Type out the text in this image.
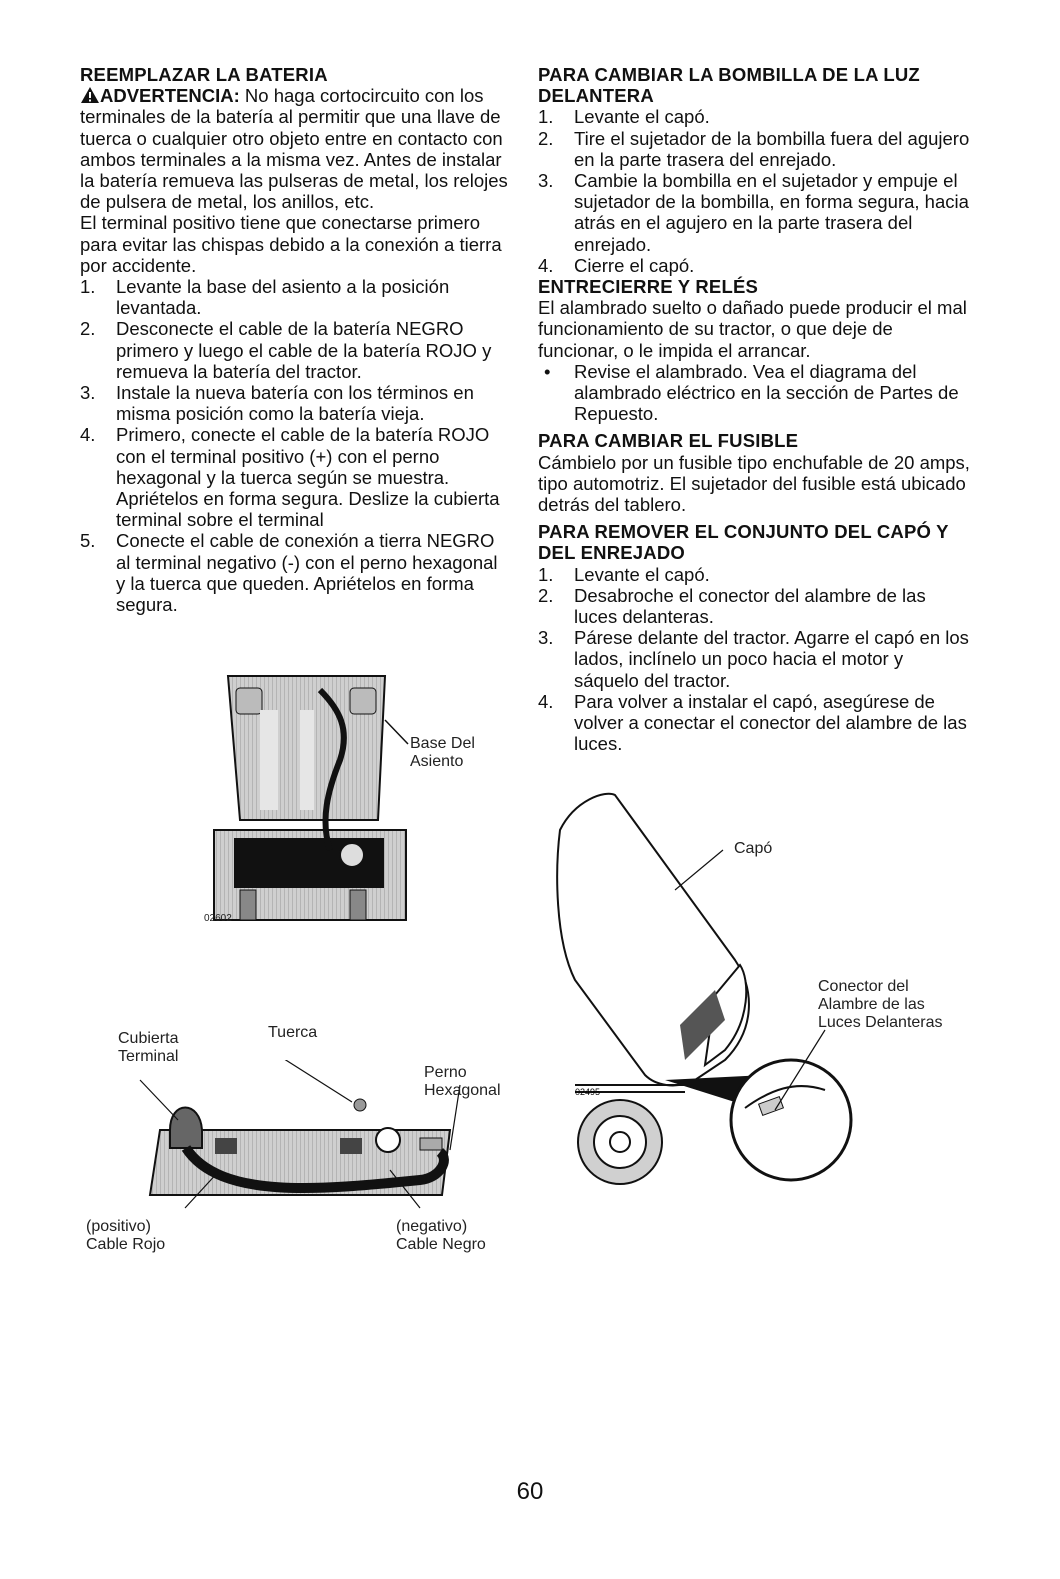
REEMPLAZAR LA BATERIA

ADVERTENCIA: No haga cortocircuito con los terminales de la batería al permitir que una llave de tuerca o cualquier otro objeto entre en contacto con ambos terminales a la misma vez. Antes de instalar la batería remueva las pulseras de metal, los relojes de pulsera de metal, los anillos, etc.

El terminal positivo tiene que conectarse primero para evitar las chispas debido a la conexión a tierra por accidente.

1.	Levante la base del asiento a la posición levantada.
2.	Desconecte el cable de la batería NEGRO primero y luego el cable de la batería ROJO y remueva la batería del tractor.
3.	Instale la nueva batería con los términos en misma posición como la batería vieja.
4.	Primero, conecte el cable de la batería ROJO con el terminal positivo (+) con el perno hexagonal y la tuerca según se muestra. Apriételos en forma segura. Deslize la cubierta terminal sobre el terminal
5.	Conecte el cable de conexión a tierra NEGRO al terminal negativo (-) con el perno hexagonal y la tuerca que queden. Apriételos en forma segura.
PARA CAMBIAR LA BOMBILLA DE LA LUZ DELANTERA
1.	Levante el capó.
2.	Tire el sujetador de la bombilla fuera del agujero en la parte trasera del enrejado.
3.	Cambie la bombilla en el sujetador y empuje el sujetador de la bombilla, en forma segura, hacia atrás en el agujero en la parte trasera del enrejado.
4.	Cierre el capó.
ENTRECIERRE Y RELÉS

El alambrado suelto o dañado puede producir el mal funcionamiento de su tractor, o que deje de funcionar, o le impida el arrancar.

•	Revise el alambrado. Vea el diagrama del alambrado eléctrico en la sección de Partes de Repuesto.
PARA CAMBIAR EL FUSIBLE

Cámbielo por un fusible tipo enchufable de 20 amps, tipo automotriz. El sujetador del fusible está ubicado detrás del tablero.

PARA REMOVER EL CONJUNTO DEL CAPÓ Y DEL ENREJADO
1.	Levante el capó.
2.	Desabroche el conector del alambre de las luces delanteras.
3.	Párese delante del tractor. Agarre el capó en los lados, inclínelo un poco hacia el motor y sáquelo del tractor.
4.	Para volver a instalar el capó, asegúrese de volver a conectar el conector del alambre de las luces.
Base Del
Asiento
02602
Cubierta
Terminal
Tuerca
Perno
Hexagonal
(positivo)
Cable Rojo
(negativo)
Cable Negro
02495
Capó
Conector del
Alambre de las
Luces Delanteras
60
